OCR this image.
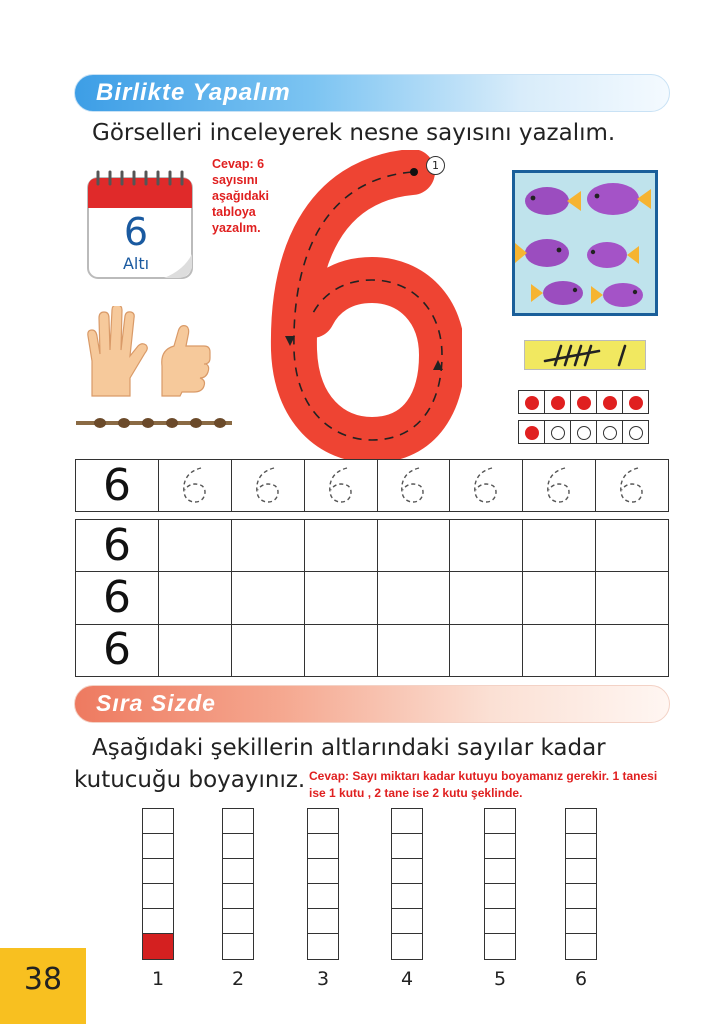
Birlikte Yapalım
Görselleri inceleyerek nesne sayısını yazalım.
6
Altı
Cevap: 6
sayısını
aşağıdaki
tabloya
yazalım.
1

6							
6							
6							
6							
Sıra Sizde
Aşağıdaki şekillerin altlarındaki sayılar kadar
kutucuğu boyayınız. Cevap: Sayı miktarı kadar kutuyu boyamanız gerekir. 1 tanesi
ise 1 kutu , 2 tane ise 2 kutu şeklinde.
1	2	3	4	5	6
38
